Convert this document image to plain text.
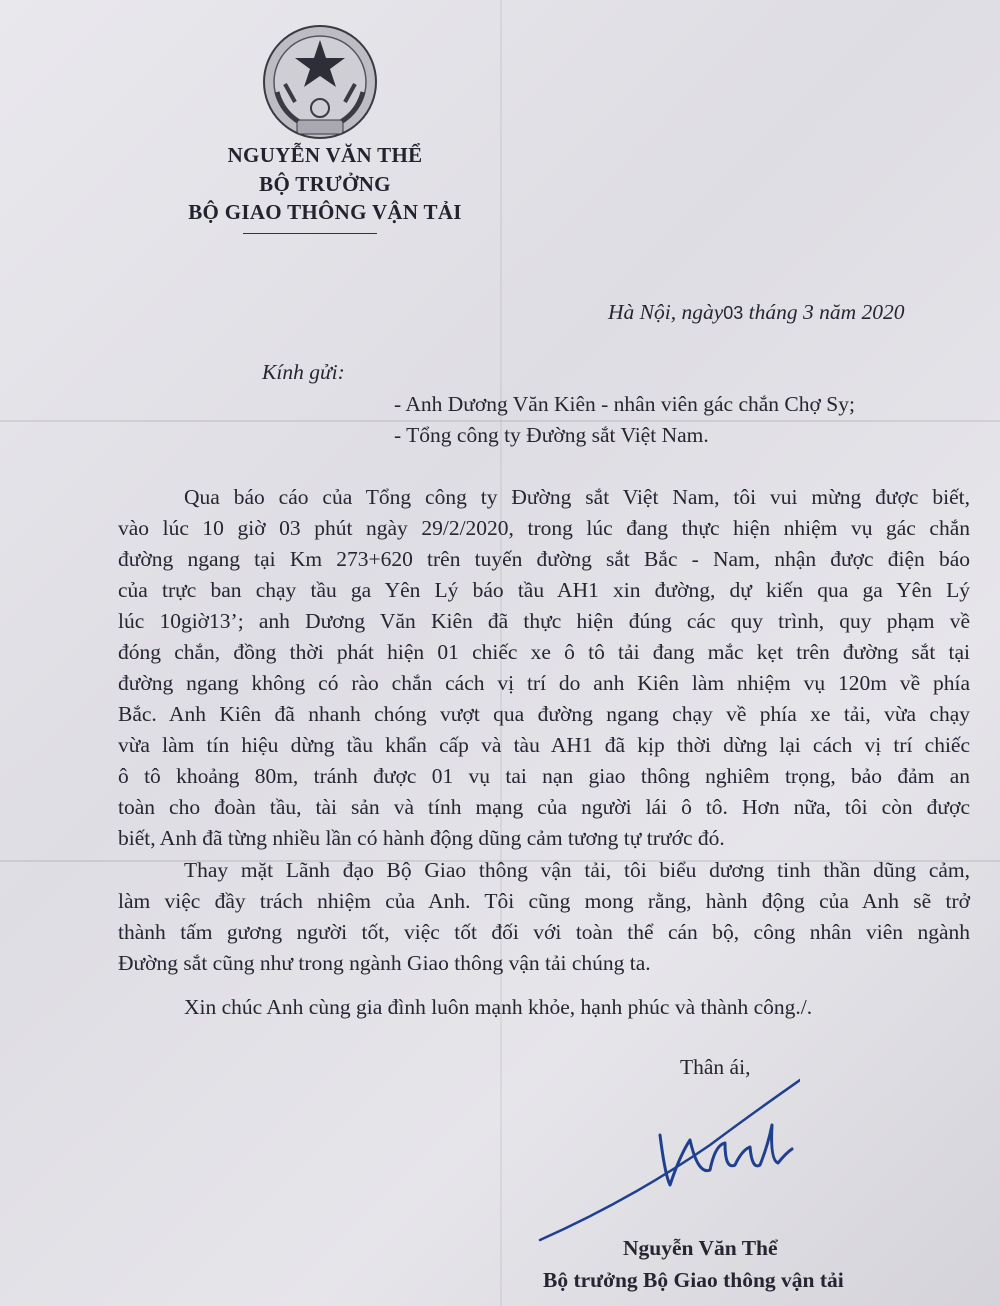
NGUYỄN VĂN THỂ
BỘ TRƯỞNG
BỘ GIAO THÔNG VẬN TẢI
Hà Nội, ngày03 tháng 3 năm 2020
Kính gửi:
- Anh Dương Văn Kiên - nhân viên gác chắn Chợ Sy;
- Tổng công ty Đường sắt Việt Nam.
Qua báo cáo của Tổng công ty Đường sắt Việt Nam, tôi vui mừng được biết,
vào lúc 10 giờ 03 phút ngày 29/2/2020, trong lúc đang thực hiện nhiệm vụ gác chắn
đường ngang tại Km 273+620 trên tuyến đường sắt Bắc - Nam, nhận được điện báo
của trực ban chạy tầu ga Yên Lý báo tầu AH1 xin đường, dự kiến qua ga Yên Lý
lúc 10giờ13’; anh Dương Văn Kiên đã thực hiện đúng các quy trình, quy phạm về
đóng chắn, đồng thời phát hiện 01 chiếc xe ô tô tải đang mắc kẹt trên đường sắt tại
đường ngang không có rào chắn cách vị trí do anh Kiên làm nhiệm vụ 120m về phía
Bắc. Anh Kiên đã nhanh chóng vượt qua đường ngang chạy về phía xe tải, vừa chạy
vừa làm tín hiệu dừng tầu khẩn cấp và tàu AH1 đã kịp thời dừng lại cách vị trí chiếc
ô tô khoảng 80m, tránh được 01 vụ tai nạn giao thông nghiêm trọng, bảo đảm an
toàn cho đoàn tầu, tài sản và tính mạng của người lái ô tô. Hơn nữa, tôi còn được
biết, Anh đã từng nhiều lần có hành động dũng cảm tương tự trước đó.
Thay mặt Lãnh đạo Bộ Giao thông vận tải, tôi biểu dương tinh thần dũng cảm,
làm việc đầy trách nhiệm của Anh. Tôi cũng mong rằng, hành động của Anh sẽ trở
thành tấm gương người tốt, việc tốt đối với toàn thể cán bộ, công nhân viên ngành
Đường sắt cũng như trong ngành Giao thông vận tải chúng ta.
Xin chúc Anh cùng gia đình luôn mạnh khỏe, hạnh phúc và thành công./.
Thân ái,
Nguyễn Văn Thể
Bộ trưởng Bộ Giao thông vận tải
